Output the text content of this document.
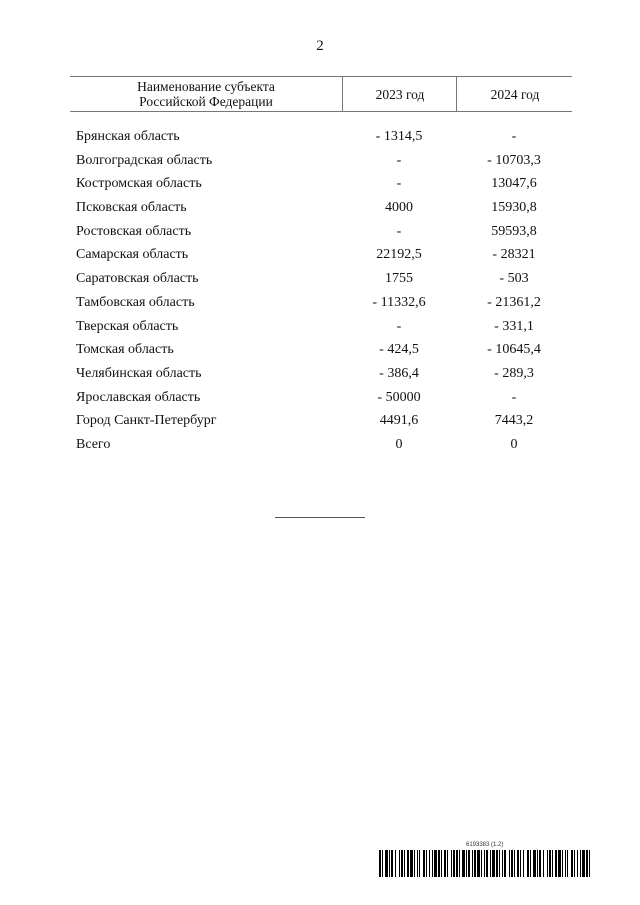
2
Наименование субъекта
Российской Федерации	2023 год	2024 год
Брянская область	- 1314,5	-
Волгоградская область	-	- 10703,3
Костромская область	-	13047,6
Псковская область	4000	15930,8
Ростовская область	-	59593,8
Самарская область	22192,5	- 28321
Саратовская область	1755	- 503
Тамбовская область	- 11332,6	- 21361,2
Тверская область	-	- 331,1
Томская область	- 424,5	- 10645,4
Челябинская область	- 386,4	- 289,3
Ярославская область	- 50000	-
Город Санкт-Петербург	4491,6	7443,2
Всего	0	0
6193383 (1.2)
